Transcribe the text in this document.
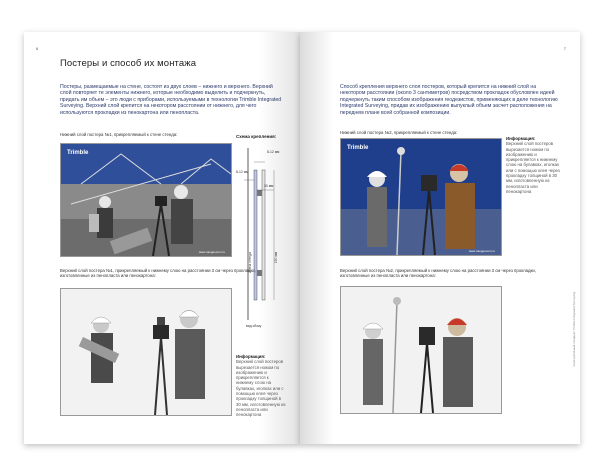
6
Постеры и способ их монтажа
Постеры, размещаемые на стене, состоят из двух слоев – нижнего и верхнего. Верхний слой повторяет те элементы нижнего, которые необходимо выделить и подчеркнуть, придать им объем – это люди с приборами, используемыми в технологии Trimble Integrated Surveying. Верхний слой крепится на некотором расстоянии от нижнего, для чего используются прокладки из пенокартона или пенопласта.
Нижний слой постера №1, прикрепляемый к стене стенда:
Trimble
www.navgeocom.ru
Схема крепления:
8-12 мм
8-12 мм
30 мм
стена стенда	150 мм
вид сбоку
Верхний слой постера №1, прикрепляемый к нижнему слою на расстоянии 3 см через прокладки, изготовленные из пенопласта или пенокартона:
Информация:
Верхний слой постеров вырезается ножом по изображению и прикрепляется к нижнему слою на булавках, иголках или с помощью клея через прокладку толщиной в 30 мм, изготовленную из пенопласта или пенокартона
7
Способ крепления верхнего слоя постеров, который крепится на нижний слой на некотором расстоянии (около 3 сантиметров) посредством прокладок обусловлен идеей подчеркнуть таким способом изображения геодезистов, применяющих в деле технологию Integrated Surveying, придав их изображению выпуклый объем засчет расположения на переднем плане всей собранной композиции.
Нижний слой постера №2, прикрепляемый к стене стенда:
Trimble
www.navgeocom.ru
Информация:
Верхний слой постеров вырезается ножом по изображению и прикрепляется к нижнему слою на булавках, иголках или с помощью клея через прокладку толщиной в 30 мм, изготовленную из пенопласта или пенокартона
Верхний слой постера №2, прикрепляемый к нижнему слою на расстоянии 3 см через прокладки, изготовленные из пенопласта или пенокартона:
Корпоративный стандарт Trimble Integrated Surveying
